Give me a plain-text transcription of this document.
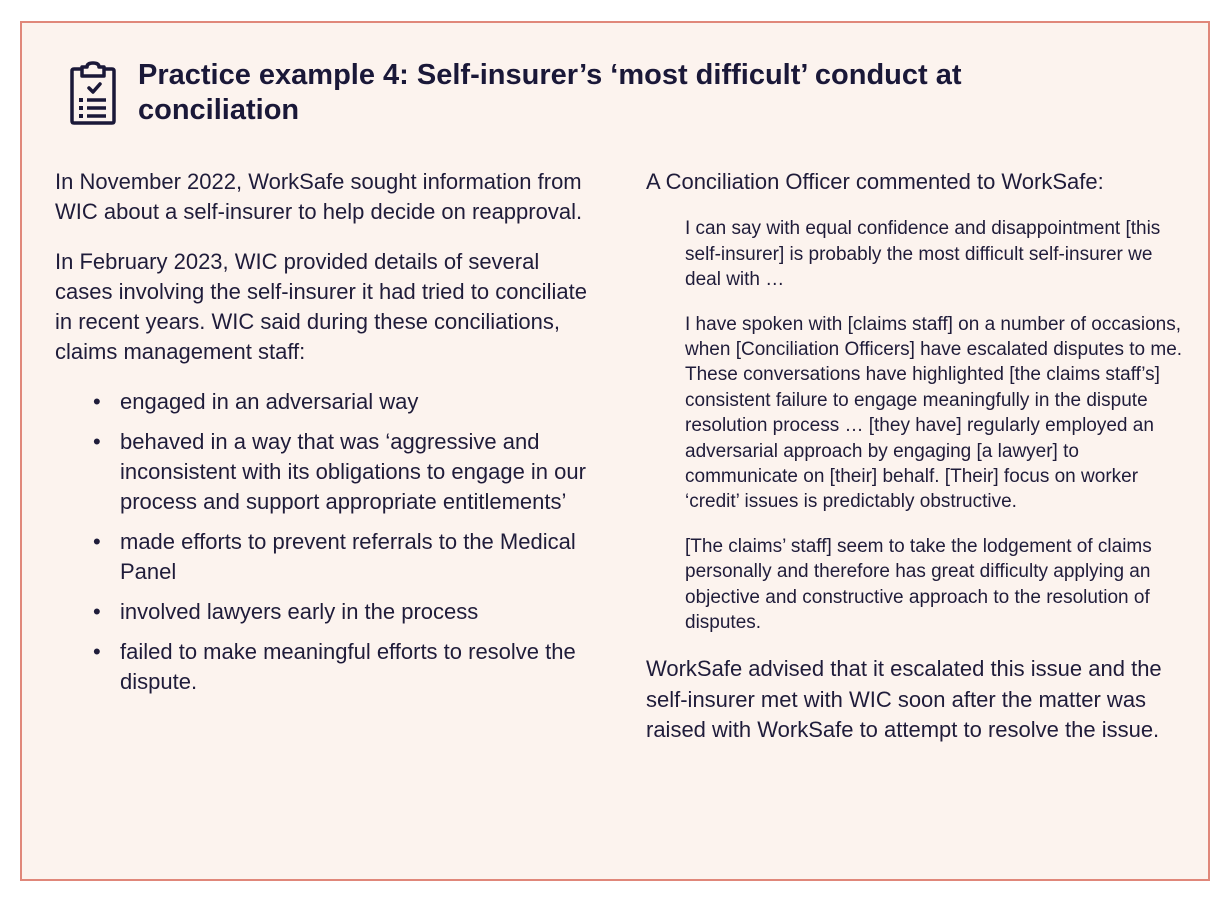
Practice example 4: Self-insurer’s ‘most difficult’ conduct at conciliation

In November 2022, WorkSafe sought information from WIC about a self-insurer to help decide on reapproval.

In February 2023, WIC provided details of several cases involving the self-insurer it had tried to conciliate in recent years. WIC said during these conciliations, claims management staff:

• engaged in an adversarial way
• behaved in a way that was ‘aggressive and inconsistent with its obligations to engage in our process and support appropriate entitlements’
• made efforts to prevent referrals to the Medical Panel
• involved lawyers early in the process
• failed to make meaningful efforts to resolve the dispute.

A Conciliation Officer commented to WorkSafe:

I can say with equal confidence and disappointment [this self-insurer] is probably the most difficult self-insurer we deal with …

I have spoken with [claims staff] on a number of occasions, when [Conciliation Officers] have escalated disputes to me. These conversations have highlighted [the claims staff’s] consistent failure to engage meaningfully in the dispute resolution process … [they have] regularly employed an adversarial approach by engaging [a lawyer] to communicate on [their] behalf. [Their] focus on worker ‘credit’ issues is predictably obstructive.

[The claims’ staff] seem to take the lodgement of claims personally and therefore has great difficulty applying an objective and constructive approach to the resolution of disputes.

WorkSafe advised that it escalated this issue and the self-insurer met with WIC soon after the matter was raised with WorkSafe to attempt to resolve the issue.
